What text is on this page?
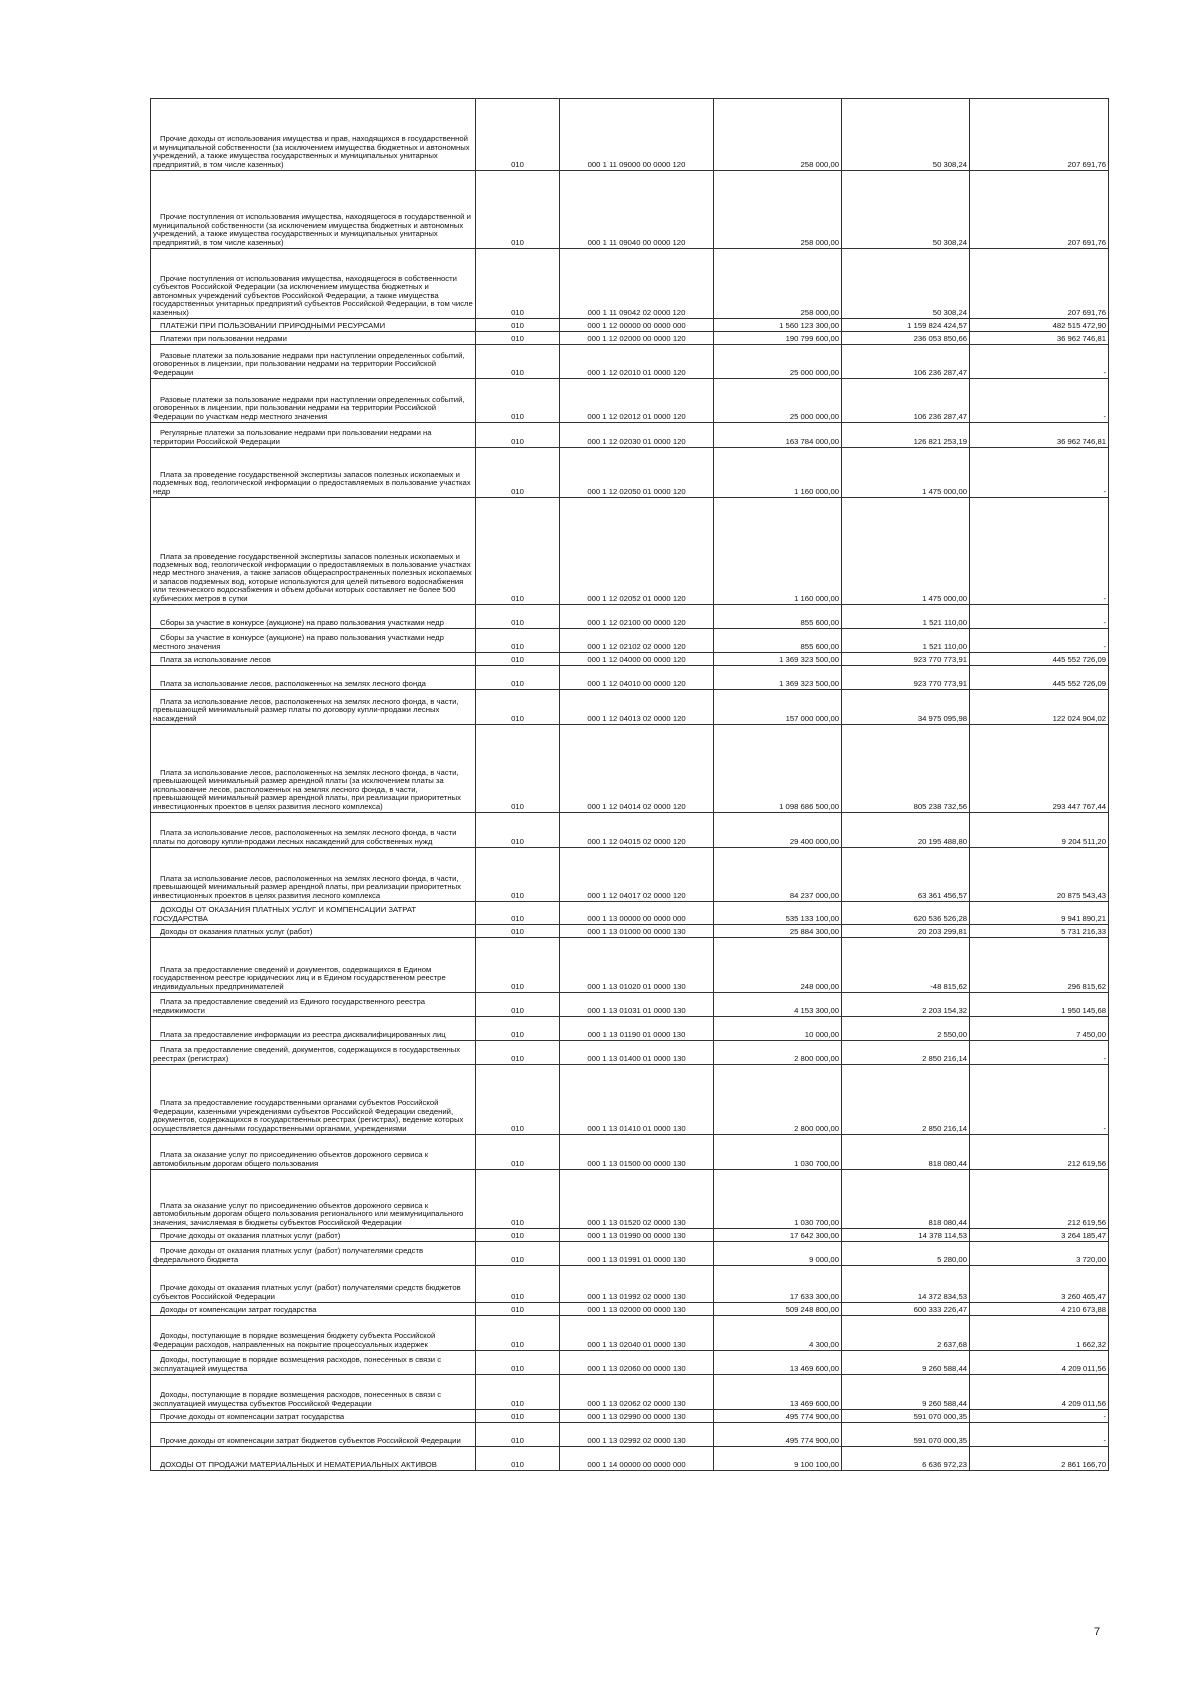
Прочие доходы от использования имущества и прав, находящихся в государственной и муниципальной собственности (за исключением имущества бюджетных и автономных учреждений, а также имущества государственных и муниципальных унитарных предприятий, в том числе казенных)	010	000 1 11 09000 00 0000 120	258 000,00	50 308,24	207 691,76
Прочие поступления от использования имущества, находящегося в государственной и муниципальной собственности (за исключением имущества бюджетных и автономных учреждений, а также имущества государственных и муниципальных унитарных предприятий, в том числе казенных)	010	000 1 11 09040 00 0000 120	258 000,00	50 308,24	207 691,76
Прочие поступления от использования имущества, находящегося в собственности субъектов Российской Федерации (за исключением имущества бюджетных и автономных учреждений субъектов Российской Федерации, а также имущества государственных унитарных предприятий субъектов Российской Федерации, в том числе казенных)	010	000 1 11 09042 02 0000 120	258 000,00	50 308,24	207 691,76
ПЛАТЕЖИ ПРИ ПОЛЬЗОВАНИИ ПРИРОДНЫМИ РЕСУРСАМИ	010	000 1 12 00000 00 0000 000	1 560 123 300,00	1 159 824 424,57	482 515 472,90
Платежи при пользовании недрами	010	000 1 12 02000 00 0000 120	190 799 600,00	236 053 850,66	36 962 746,81
Разовые платежи за пользование недрами при наступлении определенных событий, оговоренных в лицензии, при пользовании недрами на территории Российской Федерации	010	000 1 12 02010 01 0000 120	25 000 000,00	106 236 287,47	-
Разовые платежи за пользование недрами при наступлении определенных событий, оговоренных в лицензии, при пользовании недрами на территории Российской Федерации по участкам недр местного значения	010	000 1 12 02012 01 0000 120	25 000 000,00	106 236 287,47	-
Регулярные платежи за пользование недрами при пользовании недрами на территории Российской Федерации	010	000 1 12 02030 01 0000 120	163 784 000,00	126 821 253,19	36 962 746,81
Плата за проведение государственной экспертизы запасов полезных ископаемых и подземных вод, геологической информации о предоставляемых в пользование участках недр	010	000 1 12 02050 01 0000 120	1 160 000,00	1 475 000,00	-
Плата за проведение государственной экспертизы запасов полезных ископаемых и подземных вод, геологической информации о предоставляемых в пользование участках недр местного значения, а также запасов общераспространенных полезных ископаемых и запасов подземных вод, которые используются для целей питьевого водоснабжения или технического водоснабжения и объем добычи которых составляет не более 500 кубических метров в сутки	010	000 1 12 02052 01 0000 120	1 160 000,00	1 475 000,00	-
Сборы за участие в конкурсе (аукционе) на право пользования участками недр	010	000 1 12 02100 00 0000 120	855 600,00	1 521 110,00	-
Сборы за участие в конкурсе (аукционе) на право пользования участками недр местного значения	010	000 1 12 02102 02 0000 120	855 600,00	1 521 110,00	-
Плата за использование лесов	010	000 1 12 04000 00 0000 120	1 369 323 500,00	923 770 773,91	445 552 726,09
Плата за использование лесов, расположенных на землях лесного фонда	010	000 1 12 04010 00 0000 120	1 369 323 500,00	923 770 773,91	445 552 726,09
Плата за использование лесов, расположенных на землях лесного фонда, в части, превышающей минимальный размер платы по договору купли-продажи лесных насаждений	010	000 1 12 04013 02 0000 120	157 000 000,00	34 975 095,98	122 024 904,02
Плата за использование лесов, расположенных на землях лесного фонда, в части, превышающей минимальный размер арендной платы (за исключением платы за использование лесов, расположенных на землях лесного фонда, в части, превышающей минимальный размер арендной платы, при реализации приоритетных инвестиционных проектов в целях развития лесного комплекса)	010	000 1 12 04014 02 0000 120	1 098 686 500,00	805 238 732,56	293 447 767,44
Плата за использование лесов, расположенных на землях лесного фонда, в части платы по договору купли-продажи лесных насаждений для собственных нужд	010	000 1 12 04015 02 0000 120	29 400 000,00	20 195 488,80	9 204 511,20
Плата за использование лесов, расположенных на землях лесного фонда, в части, превышающей минимальный размер арендной платы, при реализации приоритетных инвестиционных проектов в целях развития лесного комплекса	010	000 1 12 04017 02 0000 120	84 237 000,00	63 361 456,57	20 875 543,43
ДОХОДЫ ОТ ОКАЗАНИЯ ПЛАТНЫХ УСЛУГ И КОМПЕНСАЦИИ ЗАТРАТ ГОСУДАРСТВА	010	000 1 13 00000 00 0000 000	535 133 100,00	620 536 526,28	9 941 890,21
Доходы от оказания платных услуг (работ)	010	000 1 13 01000 00 0000 130	25 884 300,00	20 203 299,81	5 731 216,33
Плата за предоставление сведений и документов, содержащихся в Едином государственном реестре юридических лиц и в Едином государственном реестре индивидуальных предпринимателей	010	000 1 13 01020 01 0000 130	248 000,00	-48 815,62	296 815,62
Плата за предоставление сведений из Единого государственного реестра недвижимости	010	000 1 13 01031 01 0000 130	4 153 300,00	2 203 154,32	1 950 145,68
Плата за предоставление информации из реестра дисквалифицированных лиц	010	000 1 13 01190 01 0000 130	10 000,00	2 550,00	7 450,00
Плата за предоставление сведений, документов, содержащихся в государственных реестрах (регистрах)	010	000 1 13 01400 01 0000 130	2 800 000,00	2 850 216,14	-
Плата за предоставление государственными органами субъектов Российской Федерации, казенными учреждениями субъектов Российской Федерации сведений, документов, содержащихся в государственных реестрах (регистрах), ведение которых осуществляется данными государственными органами, учреждениями	010	000 1 13 01410 01 0000 130	2 800 000,00	2 850 216,14	-
Плата за оказание услуг по присоединению объектов дорожного сервиса к автомобильным дорогам общего пользования	010	000 1 13 01500 00 0000 130	1 030 700,00	818 080,44	212 619,56
Плата за оказание услуг по присоединению объектов дорожного сервиса к автомобильным дорогам общего пользования регионального или межмуниципального значения, зачисляемая в бюджеты субъектов Российской Федерации	010	000 1 13 01520 02 0000 130	1 030 700,00	818 080,44	212 619,56
Прочие доходы от оказания платных услуг (работ)	010	000 1 13 01990 00 0000 130	17 642 300,00	14 378 114,53	3 264 185,47
Прочие доходы от оказания платных услуг (работ) получателями средств федерального бюджета	010	000 1 13 01991 01 0000 130	9 000,00	5 280,00	3 720,00
Прочие доходы от оказания платных услуг (работ) получателями средств бюджетов субъектов Российской Федерации	010	000 1 13 01992 02 0000 130	17 633 300,00	14 372 834,53	3 260 465,47
Доходы от компенсации затрат государства	010	000 1 13 02000 00 0000 130	509 248 800,00	600 333 226,47	4 210 673,88
Доходы, поступающие в порядке возмещения бюджету субъекта Российской Федерации расходов, направленных на покрытие процессуальных издержек	010	000 1 13 02040 01 0000 130	4 300,00	2 637,68	1 662,32
Доходы, поступающие в порядке возмещения расходов, понесенных в связи с эксплуатацией имущества	010	000 1 13 02060 00 0000 130	13 469 600,00	9 260 588,44	4 209 011,56
Доходы, поступающие в порядке возмещения расходов, понесенных в связи с эксплуатацией имущества субъектов Российской Федерации	010	000 1 13 02062 02 0000 130	13 469 600,00	9 260 588,44	4 209 011,56
Прочие доходы от компенсации затрат государства	010	000 1 13 02990 00 0000 130	495 774 900,00	591 070 000,35	-
Прочие доходы от компенсации затрат бюджетов субъектов Российской Федерации	010	000 1 13 02992 02 0000 130	495 774 900,00	591 070 000,35	-
ДОХОДЫ ОТ ПРОДАЖИ МАТЕРИАЛЬНЫХ И НЕМАТЕРИАЛЬНЫХ АКТИВОВ	010	000 1 14 00000 00 0000 000	9 100 100,00	6 636 972,23	2 861 166,70
7
